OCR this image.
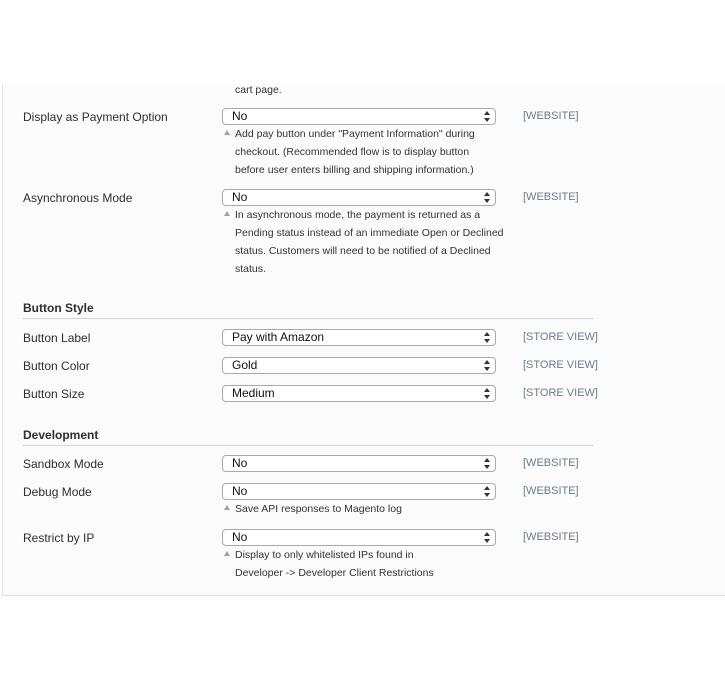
cart page.
Display as Payment Option	No	[WEBSITE]
Add pay button under "Payment Information" during checkout. (Recommended flow is to display button before user enters billing and shipping information.)
Asynchronous Mode	No	[WEBSITE]
In asynchronous mode, the payment is returned as a Pending status instead of an immediate Open or Declined status. Customers will need to be notified of a Declined status.
Button Style
Button Label	Pay with Amazon	[STORE VIEW]
Button Color	Gold	[STORE VIEW]
Button Size	Medium	[STORE VIEW]
Development
Sandbox Mode	No	[WEBSITE]
Debug Mode	No	[WEBSITE]
Save API responses to Magento log
Restrict by IP	No	[WEBSITE]
Display to only whitelisted IPs found in Developer -> Developer Client Restrictions
